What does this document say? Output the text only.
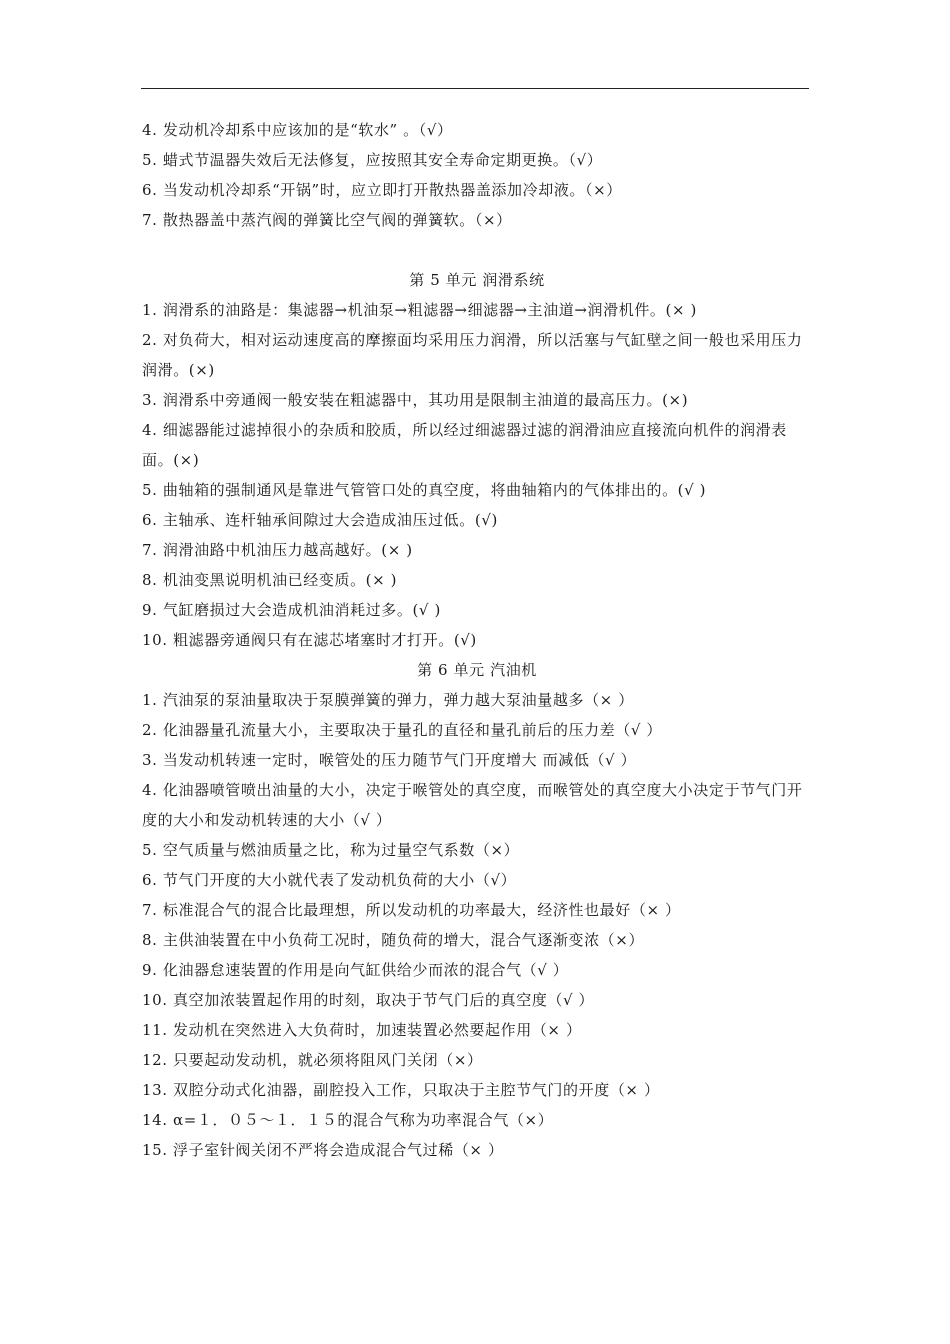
4. 发动机冷却系中应该加的是“软水” 。（√）
5. 蜡式节温器失效后无法修复，应按照其安全寿命定期更换。（√）
6. 当发动机冷却系“开锅”时，应立即打开散热器盖添加冷却液。（×）
7. 散热器盖中蒸汽阀的弹簧比空气阀的弹簧软。（×）
第 5 单元 润滑系统
1. 润滑系的油路是：集滤器→机油泵→粗滤器→细滤器→主油道→润滑机件。(× )
2. 对负荷大，相对运动速度高的摩擦面均采用压力润滑，所以活塞与气缸壁之间一般也采用压力润滑。(×)
3. 润滑系中旁通阀一般安装在粗滤器中，其功用是限制主油道的最高压力。(×)
4. 细滤器能过滤掉很小的杂质和胶质，所以经过细滤器过滤的润滑油应直接流向机件的润滑表面。(×)
5. 曲轴箱的强制通风是靠进气管管口处的真空度，将曲轴箱内的气体排出的。(√ )
6. 主轴承、连杆轴承间隙过大会造成油压过低。(√)
7. 润滑油路中机油压力越高越好。(× )
8. 机油变黑说明机油已经变质。(× )
9. 气缸磨损过大会造成机油消耗过多。(√ )
10. 粗滤器旁通阀只有在滤芯堵塞时才打开。(√)
第 6 单元 汽油机
1. 汽油泵的泵油量取决于泵膜弹簧的弹力，弹力越大泵油量越多（× ）
2. 化油器量孔流量大小，主要取决于量孔的直径和量孔前后的压力差（√ ）
3. 当发动机转速一定时，喉管处的压力随节气门开度增大 而减低（√ ）
4. 化油器喷管喷出油量的大小，决定于喉管处的真空度，而喉管处的真空度大小决定于节气门开度的大小和发动机转速的大小（√ ）
5. 空气质量与燃油质量之比，称为过量空气系数（×）
6. 节气门开度的大小就代表了发动机负荷的大小（√）
7. 标准混合气的混合比最理想，所以发动机的功率最大，经济性也最好（× ）
8. 主供油装置在中小负荷工况时，随负荷的增大，混合气逐渐变浓（×）
9. 化油器怠速装置的作用是向气缸供给少而浓的混合气（√ ）
10. 真空加浓装置起作用的时刻，取决于节气门后的真空度（√ ）
11. 发动机在突然进入大负荷时，加速装置必然要起作用（× ）
12. 只要起动发动机，就必须将阻风门关闭（×）
13. 双腔分动式化油器，副腔投入工作，只取决于主腔节气门的开度（× ）
14. α=１．０５～１．１５的混合气称为功率混合气（×）
15. 浮子室针阀关闭不严将会造成混合气过稀（× ）
